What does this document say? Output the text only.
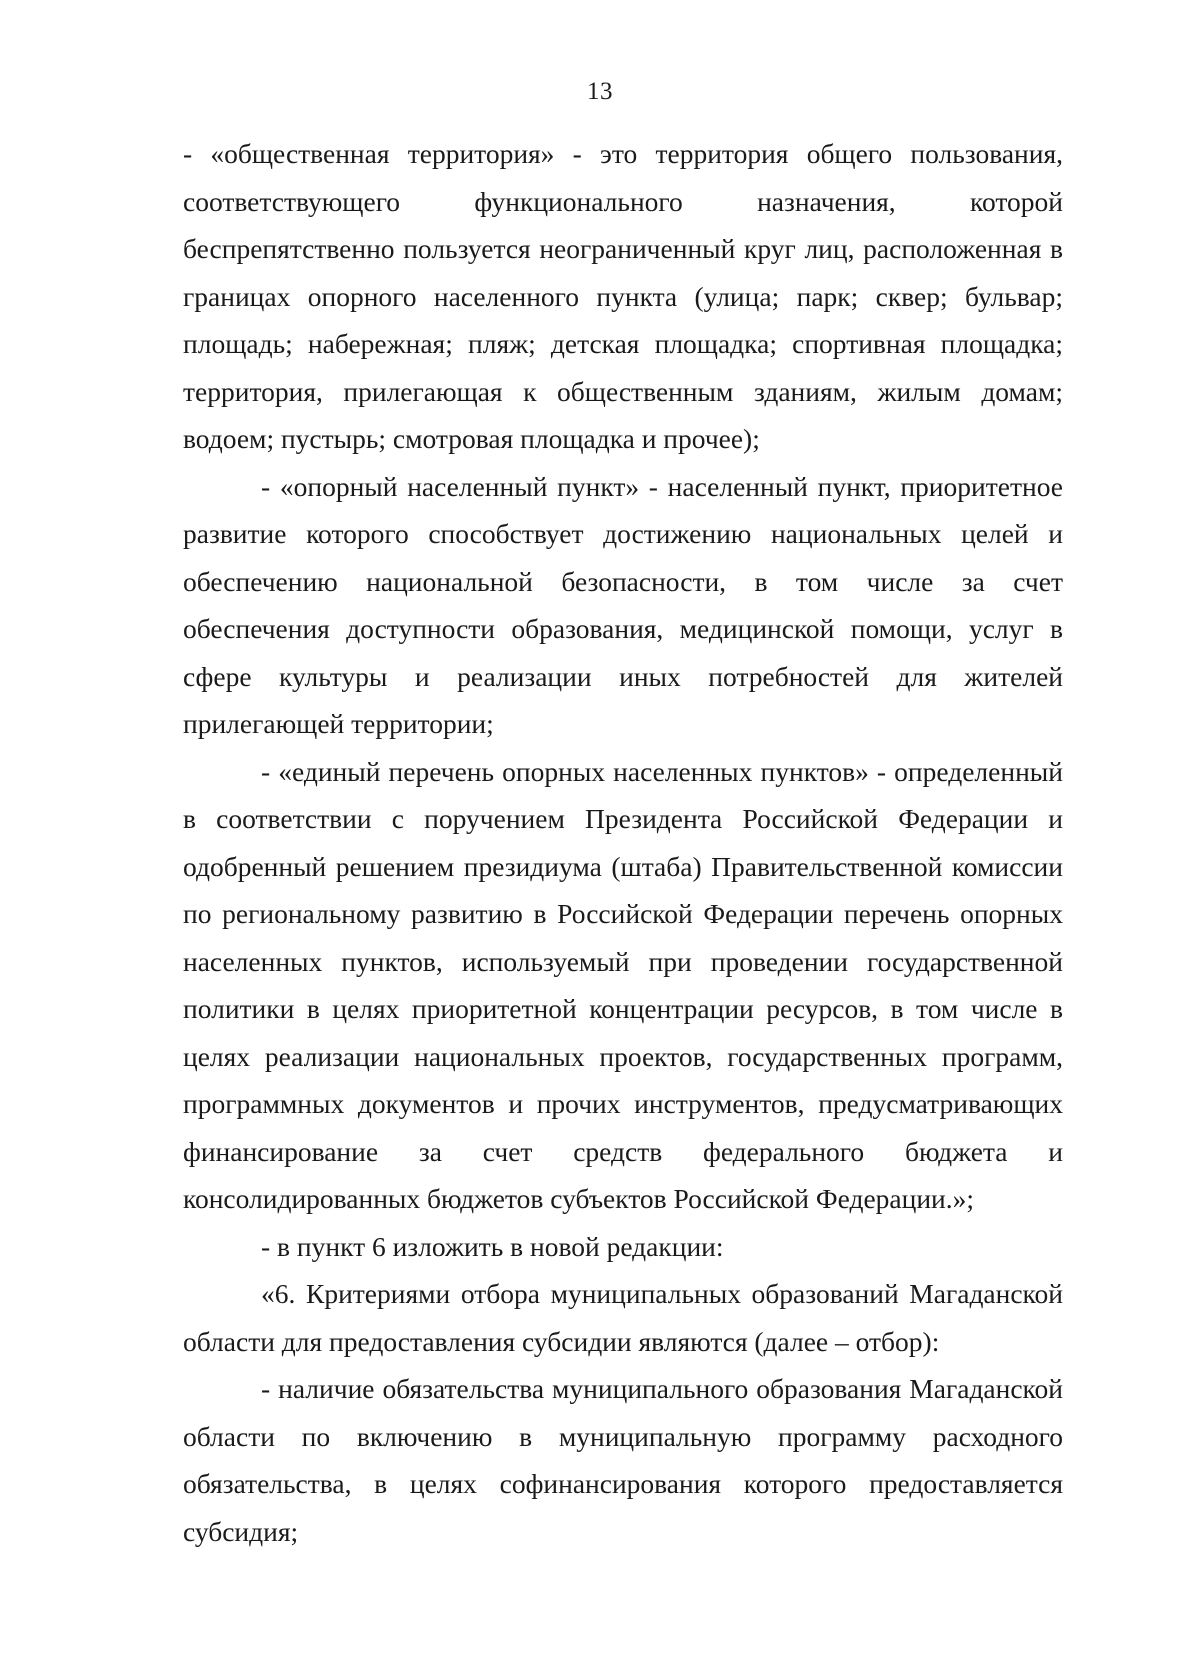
13

- «общественная территория» - это территория общего пользования, соответствующего функционального назначения, которой беспрепятственно пользуется неограниченный круг лиц, расположенная в границах опорного населенного пункта (улица; парк; сквер; бульвар; площадь; набережная; пляж; детская площадка; спортивная площадка; территория, прилегающая к общественным зданиям, жилым домам; водоем; пустырь; смотровая площадка и прочее);

- «опорный населенный пункт» - населенный пункт, приоритетное развитие которого способствует достижению национальных целей и обеспечению национальной безопасности, в том числе за счет обеспечения доступности образования, медицинской помощи, услуг в сфере культуры и реализации иных потребностей для жителей прилегающей территории;

- «единый перечень опорных населенных пунктов» - определенный в соответствии с поручением Президента Российской Федерации и одобренный решением президиума (штаба) Правительственной комиссии по региональному развитию в Российской Федерации перечень опорных населенных пунктов, используемый при проведении государственной политики в целях приоритетной концентрации ресурсов, в том числе в целях реализации национальных проектов, государственных программ, программных документов и прочих инструментов, предусматривающих финансирование за счет средств федерального бюджета и консолидированных бюджетов субъектов Российской Федерации.»;

- в пункт 6 изложить в новой редакции:

«6. Критериями отбора муниципальных образований Магаданской области для предоставления субсидии являются (далее – отбор):

- наличие обязательства муниципального образования Магаданской области по включению в муниципальную программу расходного обязательства, в целях софинансирования которого предоставляется субсидия;
